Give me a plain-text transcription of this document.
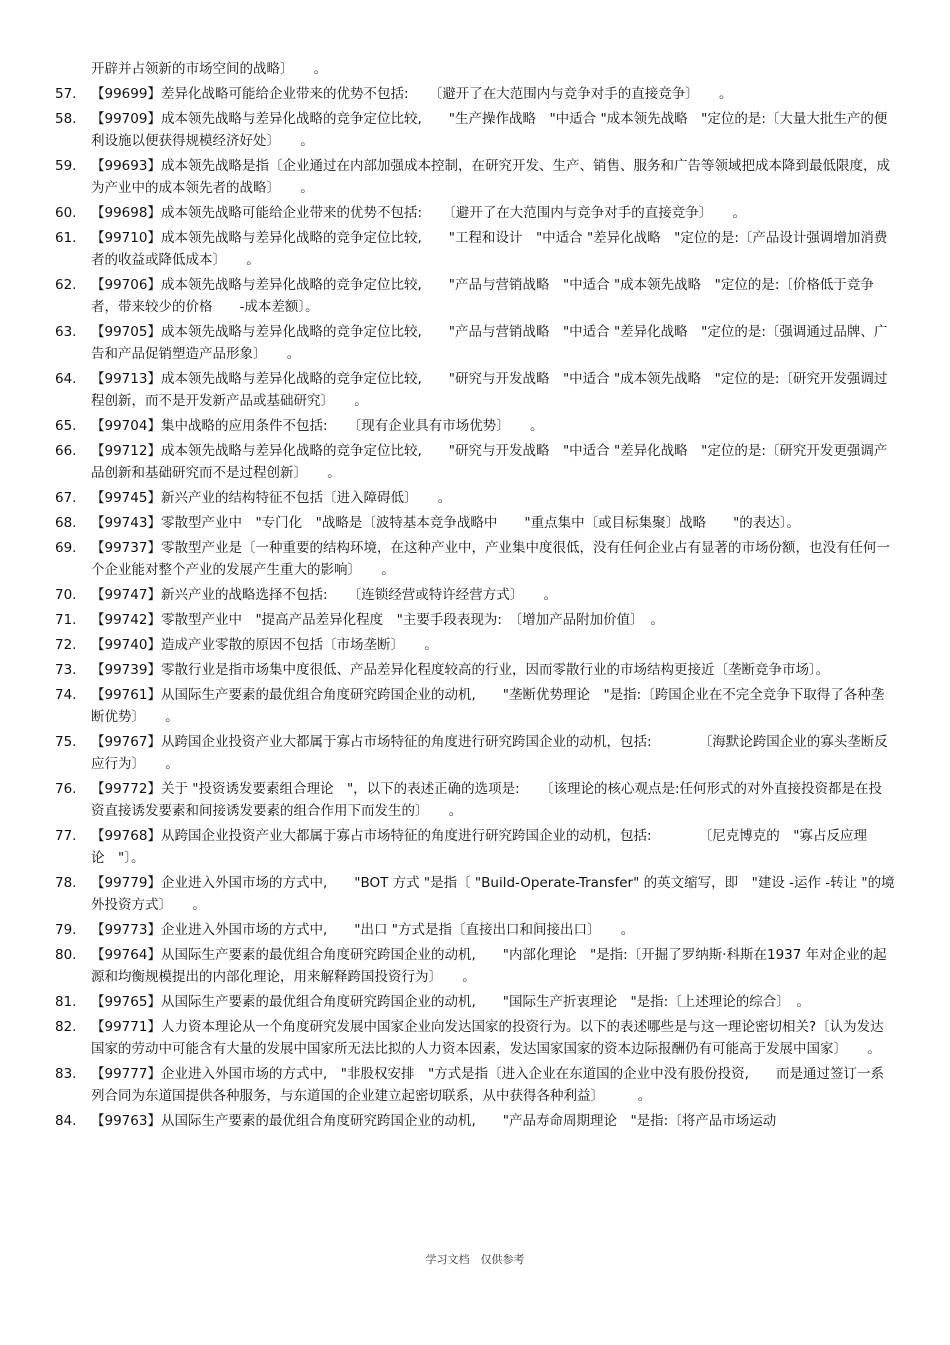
开辟并占领新的市场空间的战略〕　　。
57.	【99699】差异化战略可能给企业带来的优势不包括:　　〔避开了在大范围内与竞争对手的直接竞争〕　　。
58.	【99709】成本领先战略与差异化战略的竞争定位比较,　　"生产操作战略　"中适合 "成本领先战略　"定位的是:〔大量大批生产的便利设施以便获得规模经济好处〕　　。
59.	【99693】成本领先战略是指〔企业通过在内部加强成本控制，在研究开发、生产、销售、服务和广告等领域把成本降到最低限度，成为产业中的成本领先者的战略〕　　。
60.	【99698】成本领先战略可能给企业带来的优势不包括:　　〔避开了在大范围内与竞争对手的直接竞争〕　　。
61.	【99710】成本领先战略与差异化战略的竞争定位比较,　　"工程和设计　"中适合 "差异化战略　"定位的是:〔产品设计强调增加消费者的收益或降低成本〕　　。
62.	【99706】成本领先战略与差异化战略的竞争定位比较,　　"产品与营销战略　"中适合 "成本领先战略　"定位的是:〔价格低于竞争者，带来较少的价格　　-成本差额〕。
63.	【99705】成本领先战略与差异化战略的竞争定位比较,　　"产品与营销战略　"中适合 "差异化战略　"定位的是:〔强调通过品牌、广告和产品促销塑造产品形象〕　　。
64.	【99713】成本领先战略与差异化战略的竞争定位比较,　　"研究与开发战略　"中适合 "成本领先战略　"定位的是:〔研究开发强调过程创新，而不是开发新产品或基础研究〕　　。
65.	【99704】集中战略的应用条件不包括:　　〔现有企业具有市场优势〕　　。
66.	【99712】成本领先战略与差异化战略的竞争定位比较,　　"研究与开发战略　"中适合 "差异化战略　"定位的是:〔研究开发更强调产品创新和基础研究而不是过程创新〕　　。
67.	【99745】新兴产业的结构特征不包括〔进入障碍低〕　　。
68.	【99743】零散型产业中　"专门化　"战略是〔波特基本竞争战略中　　"重点集中〔或目标集聚〕战略　　"的表达〕。
69.	【99737】零散型产业是〔一种重要的结构环境，在这种产业中，产业集中度很低，没有任何企业占有显著的市场份额，也没有任何一个企业能对整个产业的发展产生重大的影响〕　　。
70.	【99747】新兴产业的战略选择不包括:　　〔连锁经营或特许经营方式〕　　。
71.	【99742】零散型产业中　"提高产品差异化程度　"主要手段表现为:　〔增加产品附加价值〕　。
72.	【99740】造成产业零散的原因不包括〔市场垄断〕　　。
73.	【99739】零散行业是指市场集中度很低、产品差异化程度较高的行业，因而零散行业的市场结构更接近〔垄断竞争市场〕。
74.	【99761】从国际生产要素的最优组合角度研究跨国企业的动机,　　"垄断优势理论　"是指:〔跨国企业在不完全竞争下取得了各种垄断优势〕　　。
75.	【99767】从跨国企业投资产业大都属于寡占市场特征的角度进行研究跨国企业的动机，包括:　　　　〔海默论跨国企业的寡头垄断反应行为〕　　。
76.	【99772】关于 "投资诱发要素组合理论　"，以下的表述正确的选项是:　　〔该理论的核心观点是:任何形式的对外直接投资都是在投资直接诱发要素和间接诱发要素的组合作用下而发生的〕　　。
77.	【99768】从跨国企业投资产业大都属于寡占市场特征的角度进行研究跨国企业的动机，包括:　　　　〔尼克博克的　"寡占反应理论　"〕。
78.	【99779】企业进入外国市场的方式中,　　"BOT 方式 "是指〔 "Build-Operate-Transfer" 的英文缩写，即　"建设 -运作 -转让 "的境外投资方式〕　　。
79.	【99773】企业进入外国市场的方式中,　　"出口 "方式是指〔直接出口和间接出口〕　　。
80.	【99764】从国际生产要素的最优组合角度研究跨国企业的动机,　　"内部化理论　"是指:〔开掘了罗纳斯·科斯在1937 年对企业的起源和均衡规模提出的内部化理论，用来解释跨国投资行为〕　　。
81.	【99765】从国际生产要素的最优组合角度研究跨国企业的动机,　　"国际生产折衷理论　"是指:〔上述理论的综合〕　。
82.	【99771】人力资本理论从一个角度研究发展中国家企业向发达国家的投资行为。以下的表述哪些是与这一理论密切相关?〔认为发达国家的劳动中可能含有大量的发展中国家所无法比拟的人力资本因素，发达国家国家的资本边际报酬仍有可能高于发展中国家〕　　。
83.	【99777】企业进入外国市场的方式中,　"非股权安排　"方式是指〔进入企业在东道国的企业中没有股份投资,　　而是通过签订一系列合同为东道国提供各种服务，与东道国的企业建立起密切联系，从中获得各种利益〕　　　。
84.	【99763】从国际生产要素的最优组合角度研究跨国企业的动机,　　"产品寿命周期理论　"是指:〔将产品市场运动
学习文档　仅供参考
